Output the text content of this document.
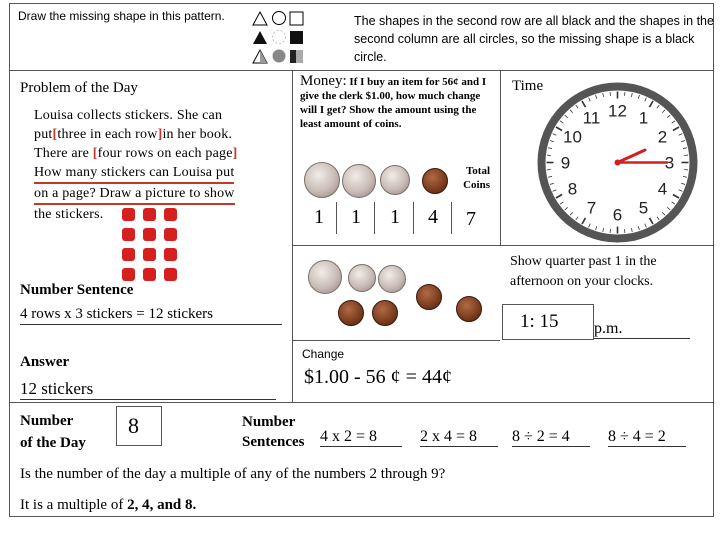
Draw the missing shape in this pattern.	The shapes in the second row are all black and the shapes in the second column are all circles, so the missing shape is a black circle.
Problem of the Day
Louisa collects stickers. She can
put[three in each row]in her book.
There are [four rows on each page]
How many stickers can Louisa put on a page? Draw a picture to show
the stickers.
Number Sentence
4 rows x 3 stickers = 12 stickers
Answer
12 stickers
Money: If I buy an item for 56¢ and I give the clerk $1.00, how much change will I get? Show the amount using the least amount of coins.
Total
Coins
1	1	1	4	7
Change
$1.00 - 56 ¢ = 44¢
Time
12 1
2
3
4
5
6
7
8
9
10
11
Show quarter past 1 in the afternoon on your clocks.
1: 15 p.m.
Number
of the Day
8	Number
Sentences 4 x 2 = 8	2 x 4 = 8	8 ÷ 2 = 4	8 ÷ 4 = 2
Is the number of the day a multiple of any of the numbers 2 through 9?
It is a multiple of 2, 4, and 8.
